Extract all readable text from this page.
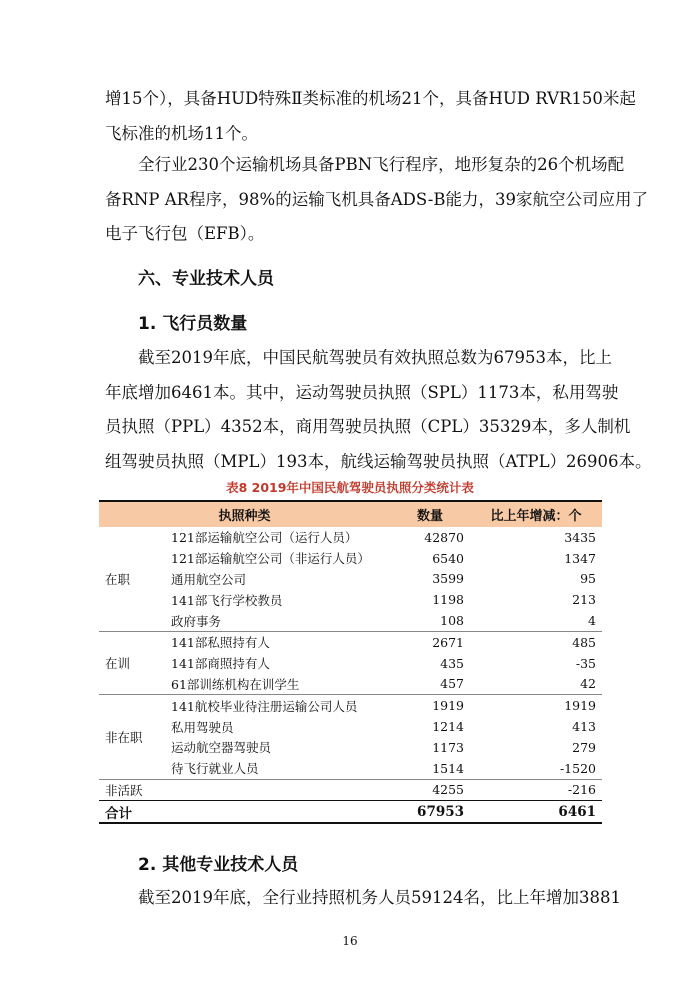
增15个），具备HUD特殊Ⅱ类标准的机场21个，具备HUD RVR150米起
飞标准的机场11个。

全行业230个运输机场具备PBN飞行程序，地形复杂的26个机场配
备RNP AR程序，98%的运输飞机具备ADS-B能力，39家航空公司应用了
电子飞行包（EFB）。

六、专业技术人员
1. 飞行员数量

截至2019年底，中国民航驾驶员有效执照总数为67953本，比上
年底增加6461本。其中，运动驾驶员执照（SPL）1173本，私用驾驶
员执照（PPL）4352本，商用驾驶员执照（CPL）35329本，多人制机
组驾驶员执照（MPL）193本，航线运输驾驶员执照（ATPL）26906本。

表8 2019年中国民航驾驶员执照分类统计表
执照种类		数量	比上年增减：个
在职	121部运输航空公司（运行人员）	42870	3435
	121部运输航空公司（非运行人员）	6540	1347
	通用航空公司	3599	95
	141部飞行学校教员	1198	213
	政府事务	108	4
在训	141部私照持有人	2671	485
	141部商照持有人	435	-35
	61部训练机构在训学生	457	42
非在职	141航校毕业待注册运输公司人员	1919	1919
	私用驾驶员	1214	413
	运动航空器驾驶员	1173	279
	待飞行就业人员	1514	-1520
非活跃		4255	-216
合计		67953	6461
2. 其他专业技术人员

截至2019年底，全行业持照机务人员59124名，比上年增加3881

16
